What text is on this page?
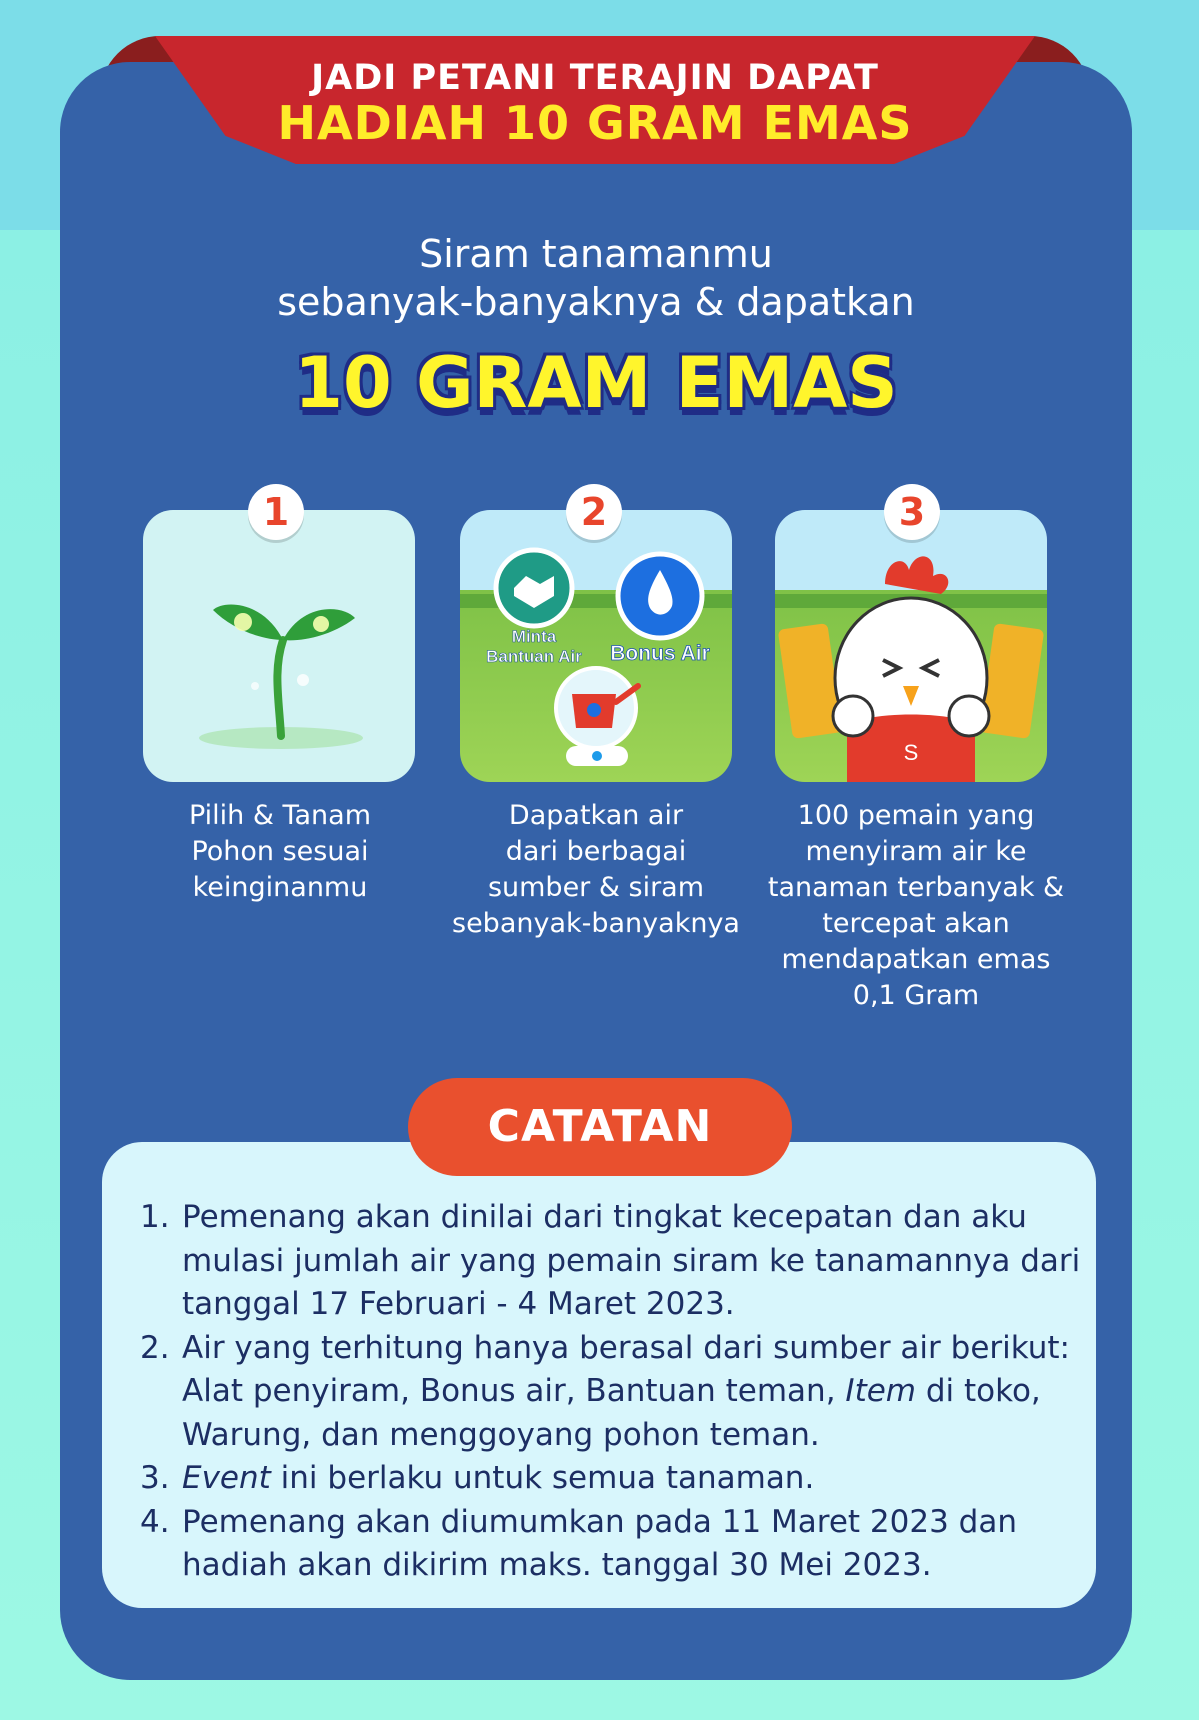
JADI PETANI TERAJIN DAPAT
HADIAH 10 GRAM EMAS
Siram tanamanmu
sebanyak-banyaknya & dapatkan
10 GRAM EMAS
1
Pilih & Tanam
Pohon sesuai
keinginanmu
Minta
Bantuan Air Bonus Air
2
Dapatkan air
dari berbagai
sumber & siram
sebanyak-banyaknya
S
3
100 pemain yang
menyiram air ke
tanaman terbanyak &
tercepat akan
mendapatkan emas
0,1 Gram
CATATAN
1. Pemenang akan dinilai dari tingkat kecepatan dan aku mulasi jumlah air yang pemain siram ke tanamannya dari tanggal 17 Februari - 4 Maret 2023.
2. Air yang terhitung hanya berasal dari sumber air berikut: Alat penyiram, Bonus air, Bantuan teman, Item di toko, Warung, dan menggoyang pohon teman.
3. Event ini berlaku untuk semua tanaman.
4. Pemenang akan diumumkan pada 11 Maret 2023 dan hadiah akan dikirim maks. tanggal 30 Mei 2023.
